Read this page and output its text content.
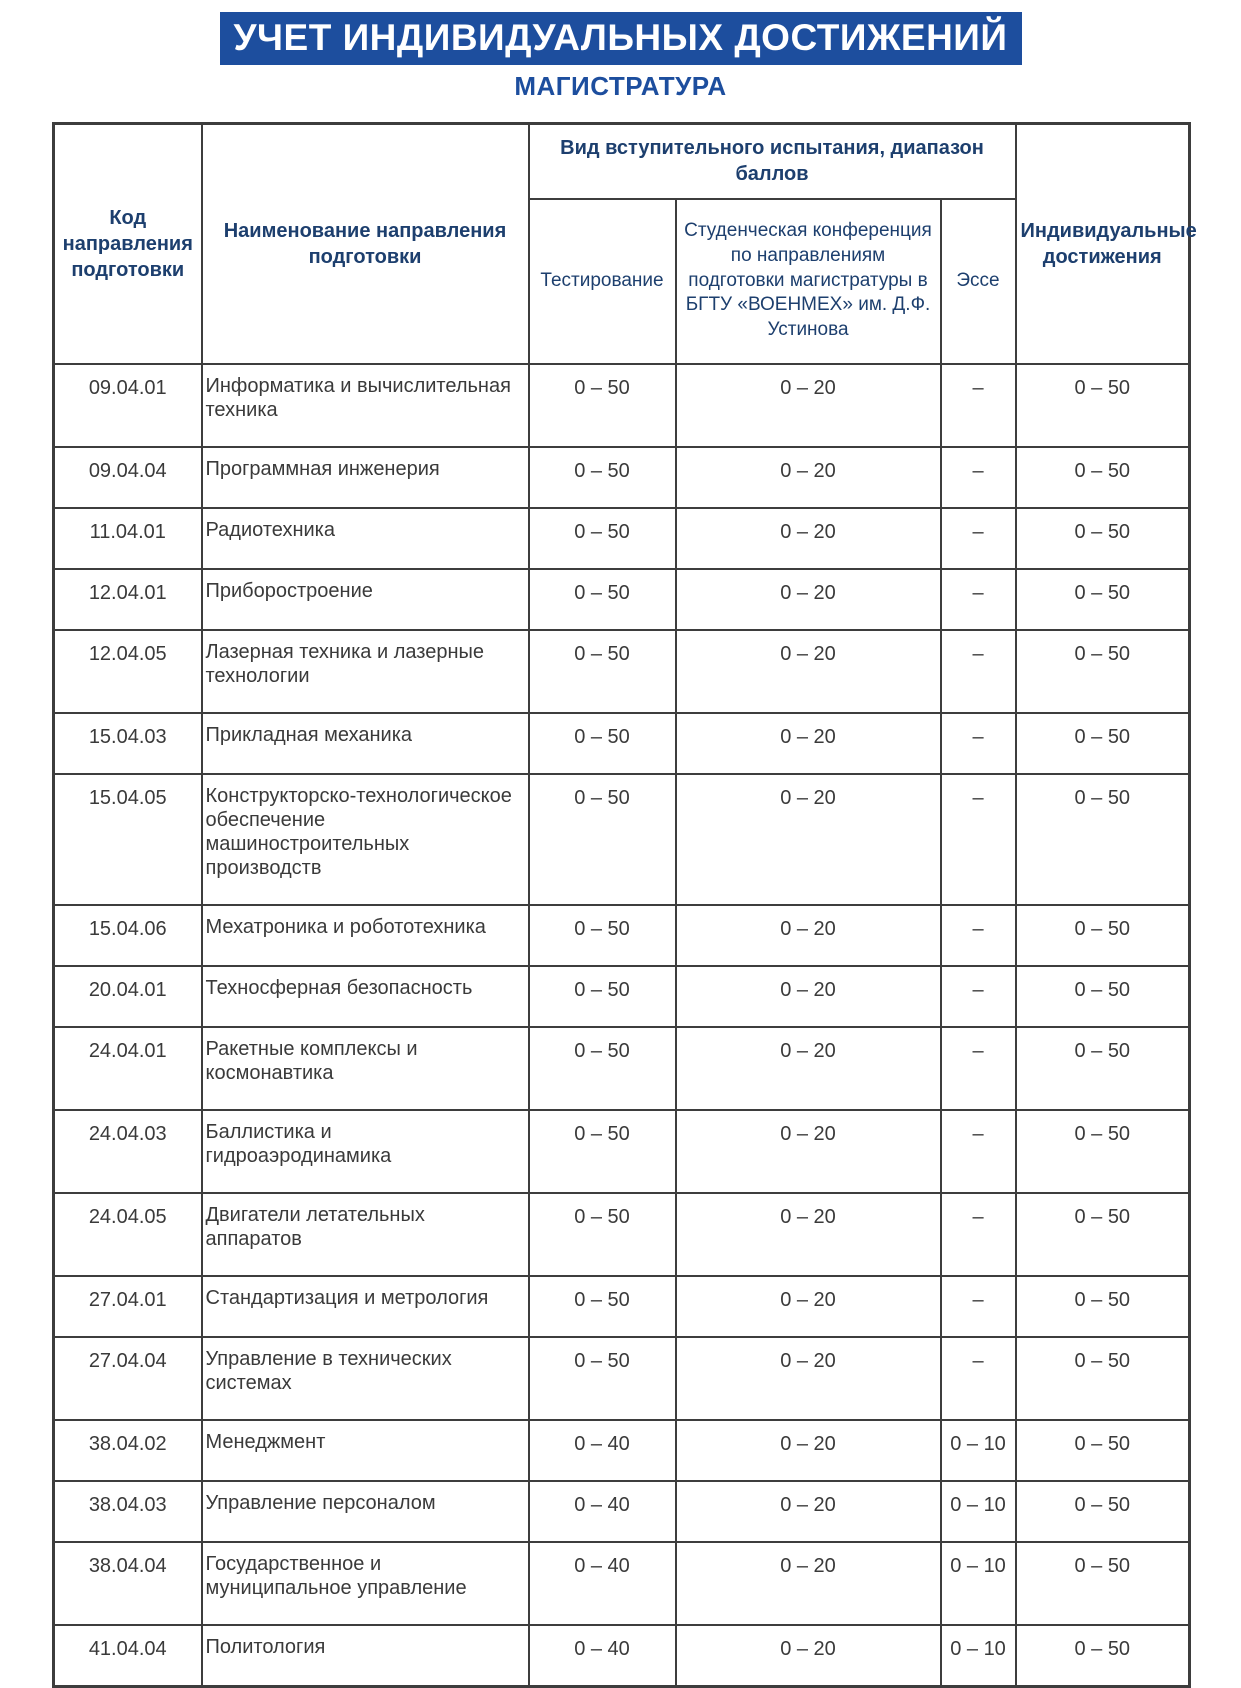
УЧЕТ ИНДИВИДУАЛЬНЫХ ДОСТИЖЕНИЙ
МАГИСТРАТУРА
Код направления подготовки	Наименование направления подготовки	Вид вступительного испытания, диапазон баллов			Индивидуальные достижения
		Тестирование	Студенческая конференция по направлениям подготовки магистратуры в БГТУ «ВОЕНМЕХ» им. Д.Ф. Устинова	Эссе	
09.04.01	Информатика и вычислительная техника	0 – 50	0 – 20	–	0 – 50
09.04.04	Программная инженерия	0 – 50	0 – 20	–	0 – 50
11.04.01	Радиотехника	0 – 50	0 – 20	–	0 – 50
12.04.01	Приборостроение	0 – 50	0 – 20	–	0 – 50
12.04.05	Лазерная техника и лазерные технологии	0 – 50	0 – 20	–	0 – 50
15.04.03	Прикладная механика	0 – 50	0 – 20	–	0 – 50
15.04.05	Конструкторско-технологическое обеспечение машиностроительных производств	0 – 50	0 – 20	–	0 – 50
15.04.06	Мехатроника и робототехника	0 – 50	0 – 20	–	0 – 50
20.04.01	Техносферная безопасность	0 – 50	0 – 20	–	0 – 50
24.04.01	Ракетные комплексы и космонавтика	0 – 50	0 – 20	–	0 – 50
24.04.03	Баллистика и гидроаэродинамика	0 – 50	0 – 20	–	0 – 50
24.04.05	Двигатели летательных аппаратов	0 – 50	0 – 20	–	0 – 50
27.04.01	Стандартизация и метрология	0 – 50	0 – 20	–	0 – 50
27.04.04	Управление в технических системах	0 – 50	0 – 20	–	0 – 50
38.04.02	Менеджмент	0 – 40	0 – 20	0 – 10	0 – 50
38.04.03	Управление персоналом	0 – 40	0 – 20	0 – 10	0 – 50
38.04.04	Государственное и муниципальное управление	0 – 40	0 – 20	0 – 10	0 – 50
41.04.04	Политология	0 – 40	0 – 20	0 – 10	0 – 50
